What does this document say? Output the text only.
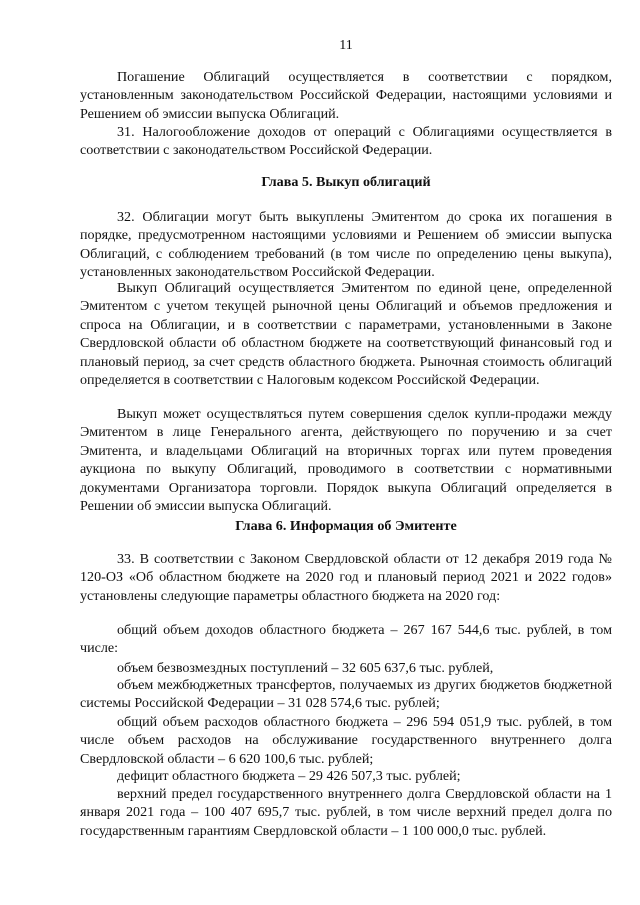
11

Погашение Облигаций осуществляется в соответствии с порядком, установленным законодательством Российской Федерации, настоящими условиями и Решением об эмиссии выпуска Облигаций.

31. Налогообложение доходов от операций с Облигациями осуществляется в соответствии с законодательством Российской Федерации.

Глава 5. Выкуп облигаций

32. Облигации могут быть выкуплены Эмитентом до срока их погашения в порядке, предусмотренном настоящими условиями и Решением об эмиссии выпуска Облигаций, с соблюдением требований (в том числе по определению цены выкупа), установленных законодательством Российской Федерации.

Выкуп Облигаций осуществляется Эмитентом по единой цене, определенной Эмитентом с учетом текущей рыночной цены Облигаций и объемов предложения и спроса на Облигации, и в соответствии с параметрами, установленными в Законе Свердловской области об областном бюджете на соответствующий финансовый год и плановый период, за счет средств областного бюджета. Рыночная стоимость облигаций определяется в соответствии с Налоговым кодексом Российской Федерации.

Выкуп может осуществляться путем совершения сделок купли-продажи между Эмитентом в лице Генерального агента, действующего по поручению и за счет Эмитента, и владельцами Облигаций на вторичных торгах или путем проведения аукциона по выкупу Облигаций, проводимого в соответствии с нормативными документами Организатора торговли. Порядок выкупа Облигаций определяется в Решении об эмиссии выпуска Облигаций.

Глава 6. Информация об Эмитенте

33. В соответствии с Законом Свердловской области от 12 декабря 2019 года № 120-ОЗ «Об областном бюджете на 2020 год и плановый период 2021 и 2022 годов» установлены следующие параметры областного бюджета на 2020 год:

общий объем доходов областного бюджета – 267 167 544,6 тыс. рублей, в том числе:

объем безвозмездных поступлений – 32 605 637,6 тыс. рублей,

объем межбюджетных трансфертов, получаемых из других бюджетов бюджетной системы Российской Федерации – 31 028 574,6 тыс. рублей;

общий объем расходов областного бюджета – 296 594 051,9 тыс. рублей, в том числе объем расходов на обслуживание государственного внутреннего долга Свердловской области – 6 620 100,6 тыс. рублей;

дефицит областного бюджета – 29 426 507,3 тыс. рублей;

верхний предел государственного внутреннего долга Свердловской области на 1 января 2021 года – 100 407 695,7 тыс. рублей, в том числе верхний предел долга по государственным гарантиям Свердловской области – 1 100 000,0 тыс. рублей.
